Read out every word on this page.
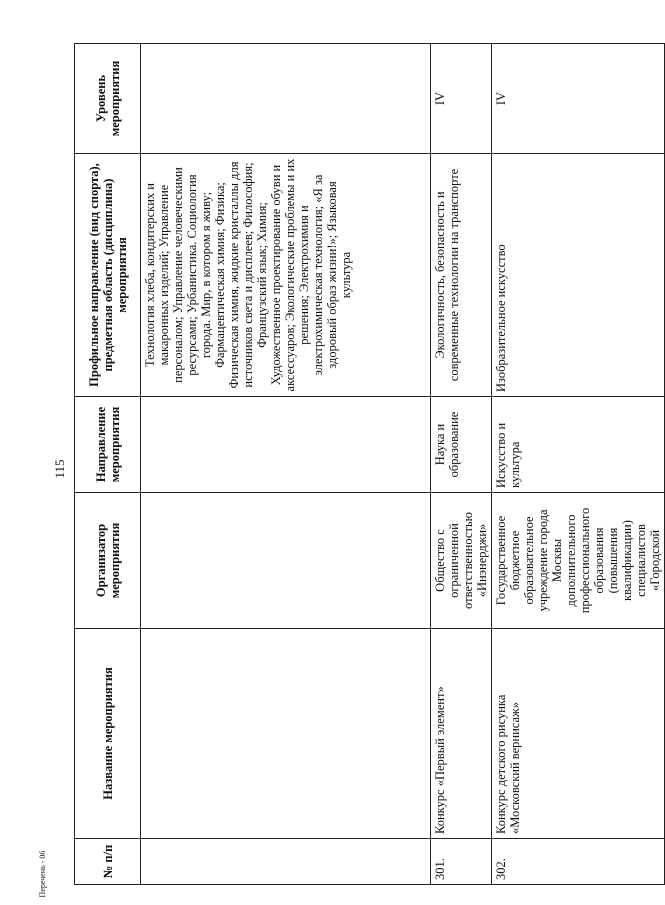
115
№ п/п	Название мероприятия	Организатор мероприятия	Направление мероприятия	Профильное направление (вид спорта), предметная область (дисциплина) мероприятия	Уровень мероприятия
				Технология хлеба, кондитерских и макаронных изделий; Управление персоналом; Управление человеческими ресурсами; Урбанистика. Социология города. Мир, в котором я живу; Фармацевтическая химия; Физика; Физическая химия, жидкие кристаллы для источников света и дисплеев; Философия; Французский язык; Химия; Художественное проектирование обуви и аксессуаров; Экологические проблемы и их решения; Электрохимия и электрохимическая технология; «Я за здоровый образ жизни!»; Языковая культура	
301.	Конкурс «Первый элемент»	Общество с ограниченной ответственностью «Инэнерджи»	Наука и образование	Экологичность, безопасность и современные технологии на транспорте	IV
302.	Конкурс детского рисунка «Московский вернисаж»	Государственное бюджетное образовательное учреждение города Москвы дополнительного профессионального образования (повышения квалификации) специалистов «Городской	Искусство и культура	Изобразительное искусство	IV
Перечень - 06
